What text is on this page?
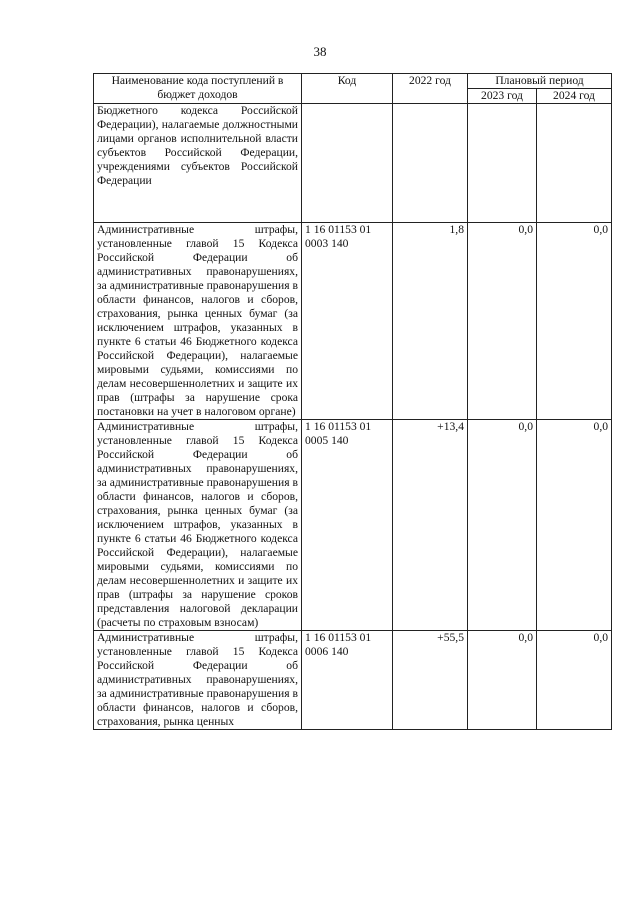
38
Наименование кода поступлений в бюджет доходов	Код	2022 год	Плановый период	
			2023 год	2024 год
Бюджетного кодекса Российской Федерации), налагаемые должностными лицами органов исполнительной власти субъектов Российской Федерации, учреждениями субъектов Российской Федерации				
Административные штрафы, установленные главой 15 Кодекса Российской Федерации об административных правонарушениях, за административные правонарушения в области финансов, налогов и сборов, страхования, рынка ценных бумаг (за исключением штрафов, указанных в пункте 6 статьи 46 Бюджетного кодекса Российской Федерации), налагаемые мировыми судьями, комиссиями по делам несовершеннолетних и защите их прав (штрафы за нарушение срока постановки на учет в налоговом органе)	1 16 01153 01 0003 140	1,8	0,0	0,0
Административные штрафы, установленные главой 15 Кодекса Российской Федерации об административных правонарушениях, за административные правонарушения в области финансов, налогов и сборов, страхования, рынка ценных бумаг (за исключением штрафов, указанных в пункте 6 статьи 46 Бюджетного кодекса Российской Федерации), налагаемые мировыми судьями, комиссиями по делам несовершеннолетних и защите их прав (штрафы за нарушение сроков представления налоговой декларации (расчеты по страховым взносам)	1 16 01153 01 0005 140	+13,4	0,0	0,0
Административные штрафы, установленные главой 15 Кодекса Российской Федерации об административных правонарушениях, за административные правонарушения в области финансов, налогов и сборов, страхования, рынка ценных	1 16 01153 01 0006 140	+55,5	0,0	0,0
